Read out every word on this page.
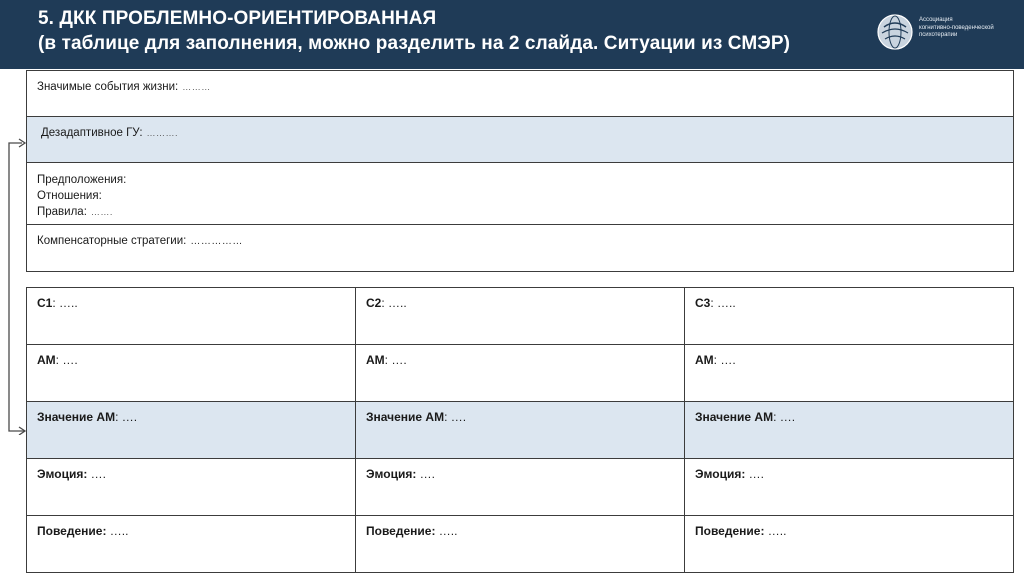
5. ДКК ПРОБЛЕМНО-ОРИЕНТИРОВАННАЯ
(в таблице для заполнения, можно разделить на 2 слайда. Ситуации из СМЭР)
Ассоциация
когнитивно-поведенческой
психотерапии
Значимые события жизни: ………
Дезадаптивное ГУ: ……….
Предположения:
Отношения:
Правила: …….
Компенсаторные стратегии: ……………
С1: …..	С2: …..	С3: …..
АМ: ….	АМ: ….	АМ: ….
Значение АМ: ….	Значение АМ: ….	Значение АМ: ….
Эмоция: ….	Эмоция: ….	Эмоция: ….
Поведение: …..	Поведение: …..	Поведение: …..
